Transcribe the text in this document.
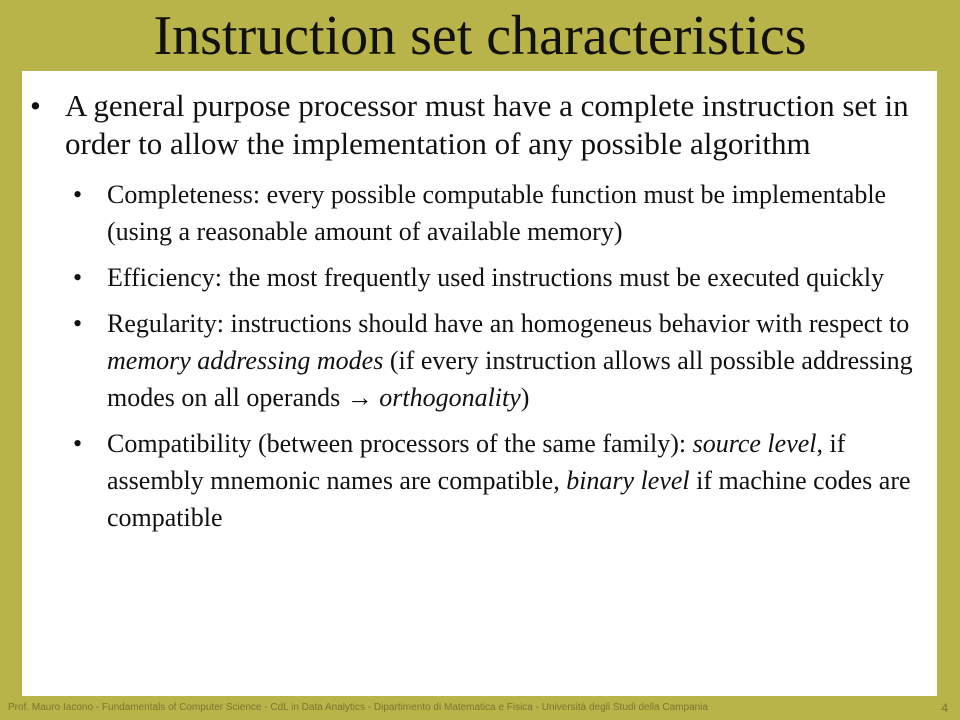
Instruction set characteristics
• A general purpose processor must have a complete instruction set in order to allow the implementation of any possible algorithm
• Completeness: every possible computable function must be implementable (using a reasonable amount of available memory)
• Efficiency: the most frequently used instructions must be executed quickly
• Regularity: instructions should have an homogeneus behavior with respect to memory addressing modes (if every instruction allows all possible addressing modes on all operands → orthogonality)
• Compatibility (between processors of the same family): source level, if assembly mnemonic names are compatible, binary level if machine codes are compatible
Prof. Mauro Iacono - Fundamentals of Computer Science - CdL in Data Analytics - Dipartimento di Matematica e Fisica - Università degli Studi della Campania	4
